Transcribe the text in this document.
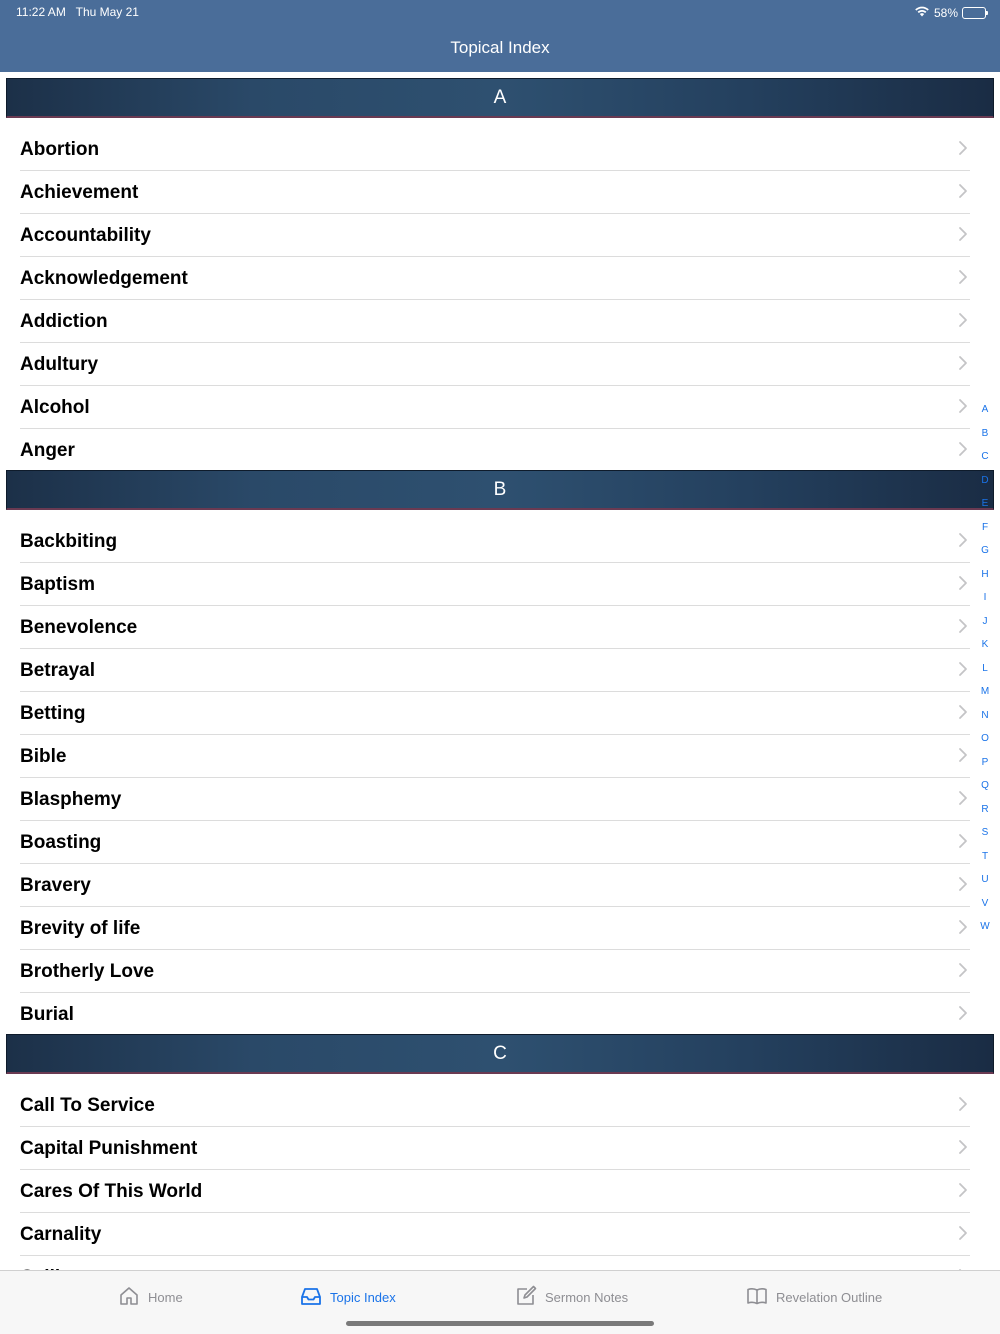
11:22 AM Thu May 21	58%
Topical Index
A
Abortion
Achievement
Accountability
Acknowledgement
Addiction
Adultury
Alcohol
Anger
B
Backbiting
Baptism
Benevolence
Betrayal
Betting
Bible
Blasphemy
Boasting
Bravery
Brevity of life
Brotherly Love
Burial
C
Call To Service
Capital Punishment
Cares Of This World
Carnality
A
B
C
D
E
F
G
H
I
J
K
L
M
N
O
P
Q
R
S
T
U
V
W
Home	Topic Index	Sermon Notes	Revelation Outline
